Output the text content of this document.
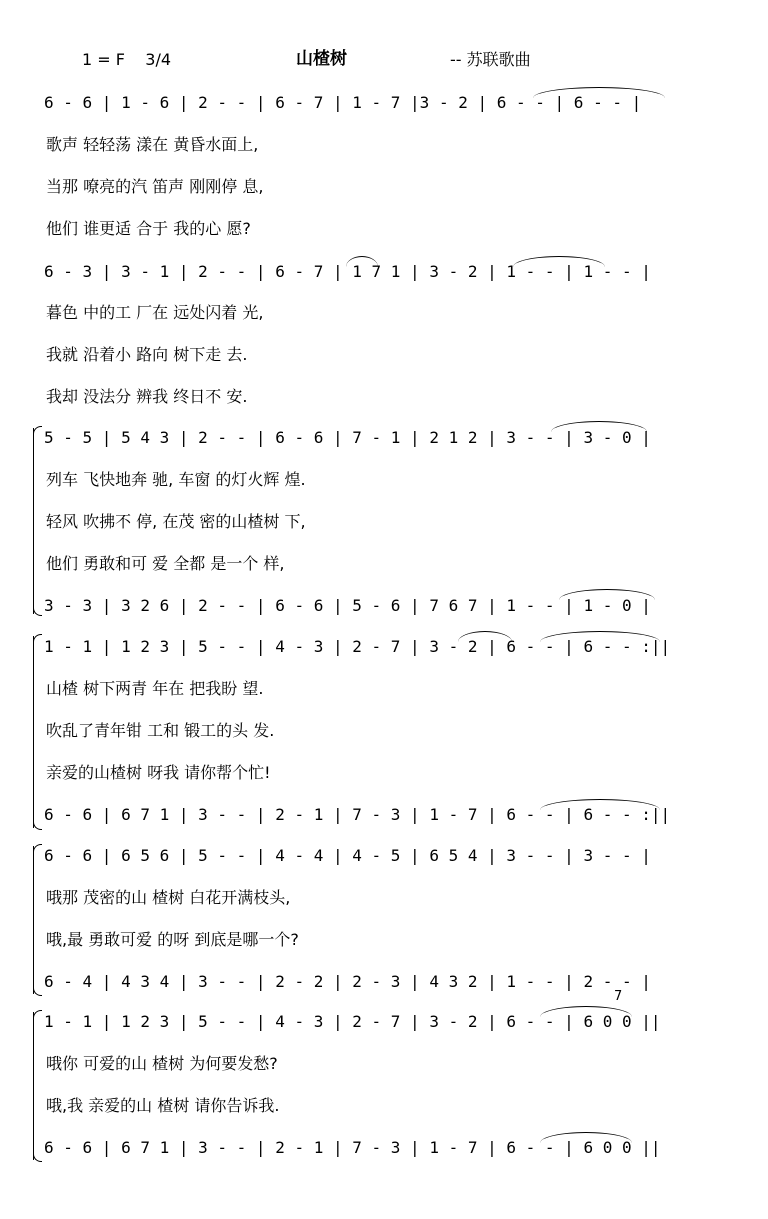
1 = F    3/4	山楂树	-- 苏联歌曲
6 - 6 | 1 - 6 | 2 - - | 6 - 7 | 1 - 7 |3 - 2 | 6 - - | 6 - - |
歌声 轻轻荡 漾在 黄昏水面上,
当那 嘹亮的汽 笛声 刚刚停 息,
他们 谁更适 合于 我的心 愿?
6 - 3 | 3 - 1 | 2 - - | 6 - 7 | 1 7 1 | 3 - 2 | 1 - - | 1 - - |
暮色 中的工 厂在 远处闪着 光,
我就 沿着小 路向 树下走 去.
我却 没法分 辨我 终日不 安.
5 - 5 | 5 4 3 | 2 - - | 6 - 6 | 7 - 1 | 2 1 2 | 3 - - | 3 - 0 |
列车 飞快地奔 驰, 车窗 的灯火辉 煌.
轻风 吹拂不 停, 在茂 密的山楂树 下,
他们 勇敢和可 爱 全都 是一个 样,
3 - 3 | 3 2 6 | 2 - - | 6 - 6 | 5 - 6 | 7 6 7 | 1 - - | 1 - 0 |
1 - 1 | 1 2 3 | 5 - - | 4 - 3 | 2 - 7 | 3 - 2 | 6 - - | 6 - - :||
山楂 树下两青 年在 把我盼 望.
吹乱了青年钳 工和 锻工的头 发.
亲爱的山楂树 呀我 请你帮个忙!
6 - 6 | 6 7 1 | 3 - - | 2 - 1 | 7 - 3 | 1 - 7 | 6 - - | 6 - - :||
6 - 6 | 6 5 6 | 5 - - | 4 - 4 | 4 - 5 | 6 5 4 | 3 - - | 3 - - |
哦那 茂密的山 楂树 白花开满枝头,
哦,最 勇敢可爱 的呀 到底是哪一个?
6 - 4 | 4 3 4 | 3 - - | 2 - 2 | 2 - 3 | 4 3 2 | 1 - - | 2 - - |
7
1 - 1 | 1 2 3 | 5 - - | 4 - 3 | 2 - 7 | 3 - 2 | 6 - - | 6 0 0 ||
哦你 可爱的山 楂树 为何要发愁?
哦,我 亲爱的山 楂树 请你告诉我.
6 - 6 | 6 7 1 | 3 - - | 2 - 1 | 7 - 3 | 1 - 7 | 6 - - | 6 0 0 ||
